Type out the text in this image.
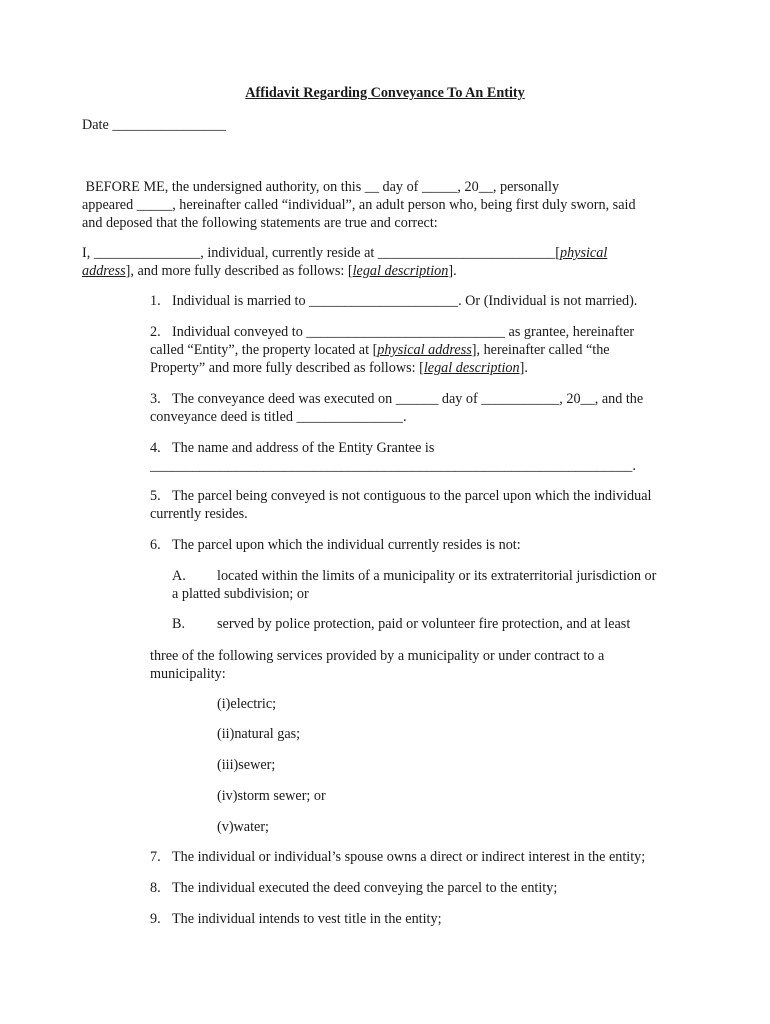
Affidavit Regarding Conveyance To An Entity
Date ________________
BEFORE ME, the undersigned authority, on this __ day of _____, 20__, personally
appeared _____, hereinafter called “individual”, an adult person who, being first duly sworn, said
and deposed that the following statements are true and correct:
I, _______________, individual, currently reside at _________________________[physical
address], and more fully described as follows: [legal description].
1. Individual is married to _____________________. Or (Individual is not married).
2. Individual conveyed to ____________________________ as grantee, hereinafter
called “Entity”, the property located at [physical address], hereinafter called “the
Property” and more fully described as follows: [legal description].
3. The conveyance deed was executed on ______ day of ___________, 20__, and the
conveyance deed is titled _______________.
4. The name and address of the Entity Grantee is
____________________________________________________________________.
5. The parcel being conveyed is not contiguous to the parcel upon which the individual
currently resides.
6. The parcel upon which the individual currently resides is not:
A. located within the limits of a municipality or its extraterritorial jurisdiction or
a platted subdivision; or
B. served by police protection, paid or volunteer fire protection, and at least
three of the following services provided by a municipality or under contract to a
municipality:
(i)electric;
(ii)natural gas;
(iii)sewer;
(iv)storm sewer; or
(v)water;
7. The individual or individual’s spouse owns a direct or indirect interest in the entity;
8. The individual executed the deed conveying the parcel to the entity;
9. The individual intends to vest title in the entity;
